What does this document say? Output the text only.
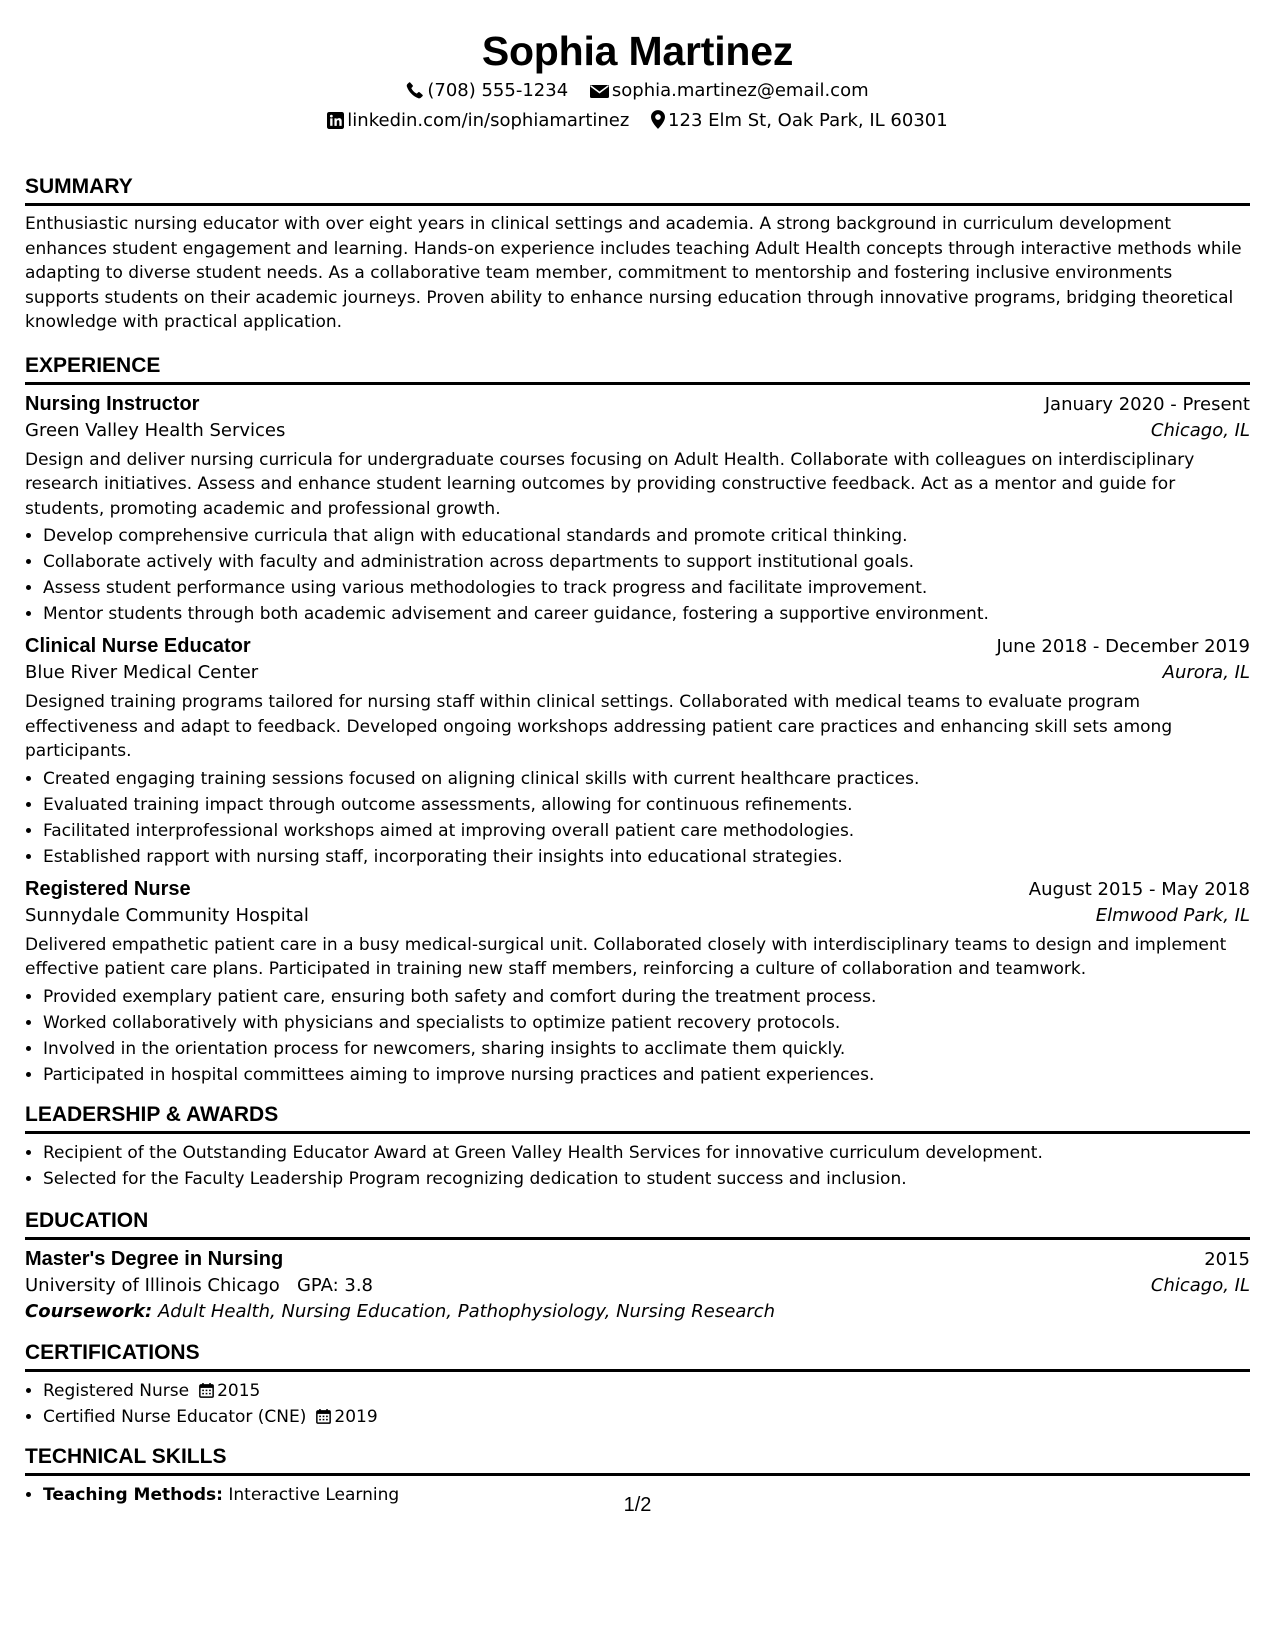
Sophia Martinez
(708) 555-1234 sophia.martinez@email.com
linkedin.com/in/sophiamartinez 123 Elm St, Oak Park, IL 60301
SUMMARY
Enthusiastic nursing educator with over eight years in clinical settings and academia. A strong background in curriculum development enhances student engagement and learning. Hands-on experience includes teaching Adult Health concepts through interactive methods while adapting to diverse student needs. As a collaborative team member, commitment to mentorship and fostering inclusive environments supports students on their academic journeys. Proven ability to enhance nursing education through innovative programs, bridging theoretical knowledge with practical application.
EXPERIENCE
Nursing Instructor	January 2020 - Present
Green Valley Health Services	Chicago, IL
Design and deliver nursing curricula for undergraduate courses focusing on Adult Health. Collaborate with colleagues on interdisciplinary research initiatives. Assess and enhance student learning outcomes by providing constructive feedback. Act as a mentor and guide for students, promoting academic and professional growth.
• Develop comprehensive curricula that align with educational standards and promote critical thinking.
• Collaborate actively with faculty and administration across departments to support institutional goals.
• Assess student performance using various methodologies to track progress and facilitate improvement.
• Mentor students through both academic advisement and career guidance, fostering a supportive environment.
Clinical Nurse Educator	June 2018 - December 2019
Blue River Medical Center	Aurora, IL
Designed training programs tailored for nursing staff within clinical settings. Collaborated with medical teams to evaluate program effectiveness and adapt to feedback. Developed ongoing workshops addressing patient care practices and enhancing skill sets among participants.
• Created engaging training sessions focused on aligning clinical skills with current healthcare practices.
• Evaluated training impact through outcome assessments, allowing for continuous refinements.
• Facilitated interprofessional workshops aimed at improving overall patient care methodologies.
• Established rapport with nursing staff, incorporating their insights into educational strategies.
Registered Nurse	August 2015 - May 2018
Sunnydale Community Hospital	Elmwood Park, IL
Delivered empathetic patient care in a busy medical-surgical unit. Collaborated closely with interdisciplinary teams to design and implement effective patient care plans. Participated in training new staff members, reinforcing a culture of collaboration and teamwork.
• Provided exemplary patient care, ensuring both safety and comfort during the treatment process.
• Worked collaboratively with physicians and specialists to optimize patient recovery protocols.
• Involved in the orientation process for newcomers, sharing insights to acclimate them quickly.
• Participated in hospital committees aiming to improve nursing practices and patient experiences.
LEADERSHIP & AWARDS
• Recipient of the Outstanding Educator Award at Green Valley Health Services for innovative curriculum development.
• Selected for the Faculty Leadership Program recognizing dedication to student success and inclusion.
EDUCATION
Master's Degree in Nursing	2015
University of Illinois Chicago GPA: 3.8	Chicago, IL
Coursework: Adult Health, Nursing Education, Pathophysiology, Nursing Research
CERTIFICATIONS
• Registered Nurse 2015
• Certified Nurse Educator (CNE) 2019
TECHNICAL SKILLS
• Teaching Methods: Interactive Learning	1/2
